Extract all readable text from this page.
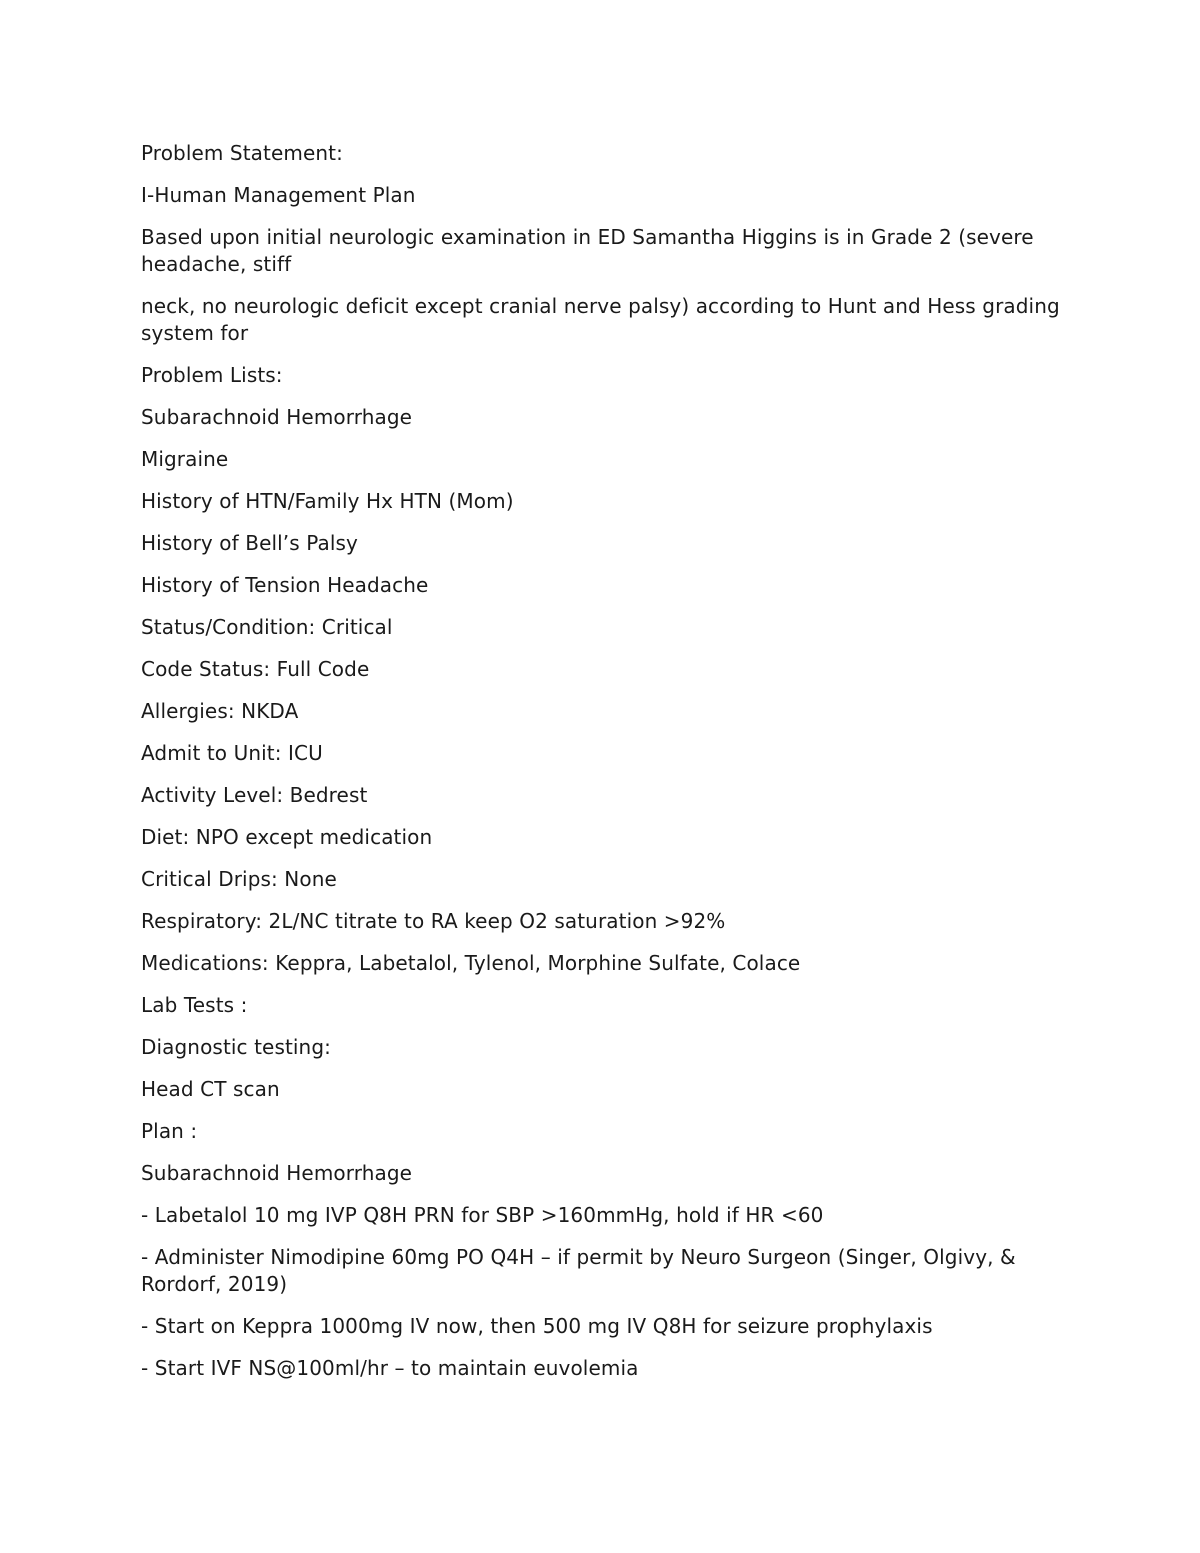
Problem Statement:

I-Human Management Plan

Based upon initial neurologic examination in ED Samantha Higgins is in Grade 2 (severe headache, stiff

neck, no neurologic deficit except cranial nerve palsy) according to Hunt and Hess grading system for

Problem Lists:

Subarachnoid Hemorrhage

Migraine

History of HTN/Family Hx HTN (Mom)

History of Bell’s Palsy

History of Tension Headache

Status/Condition: Critical

Code Status: Full Code

Allergies: NKDA

Admit to Unit: ICU

Activity Level: Bedrest

Diet: NPO except medication

Critical Drips: None

Respiratory: 2L/NC titrate to RA keep O2 saturation >92%

Medications: Keppra, Labetalol, Tylenol, Morphine Sulfate, Colace

Lab Tests :

Diagnostic testing:

Head CT scan

Plan :

Subarachnoid Hemorrhage

- Labetalol 10 mg IVP Q8H PRN for SBP >160mmHg, hold if HR <60

- Administer Nimodipine 60mg PO Q4H – if permit by Neuro Surgeon (Singer, Olgivy, & Rordorf, 2019)

- Start on Keppra 1000mg IV now, then 500 mg IV Q8H for seizure prophylaxis

- Start IVF NS@100ml/hr – to maintain euvolemia
